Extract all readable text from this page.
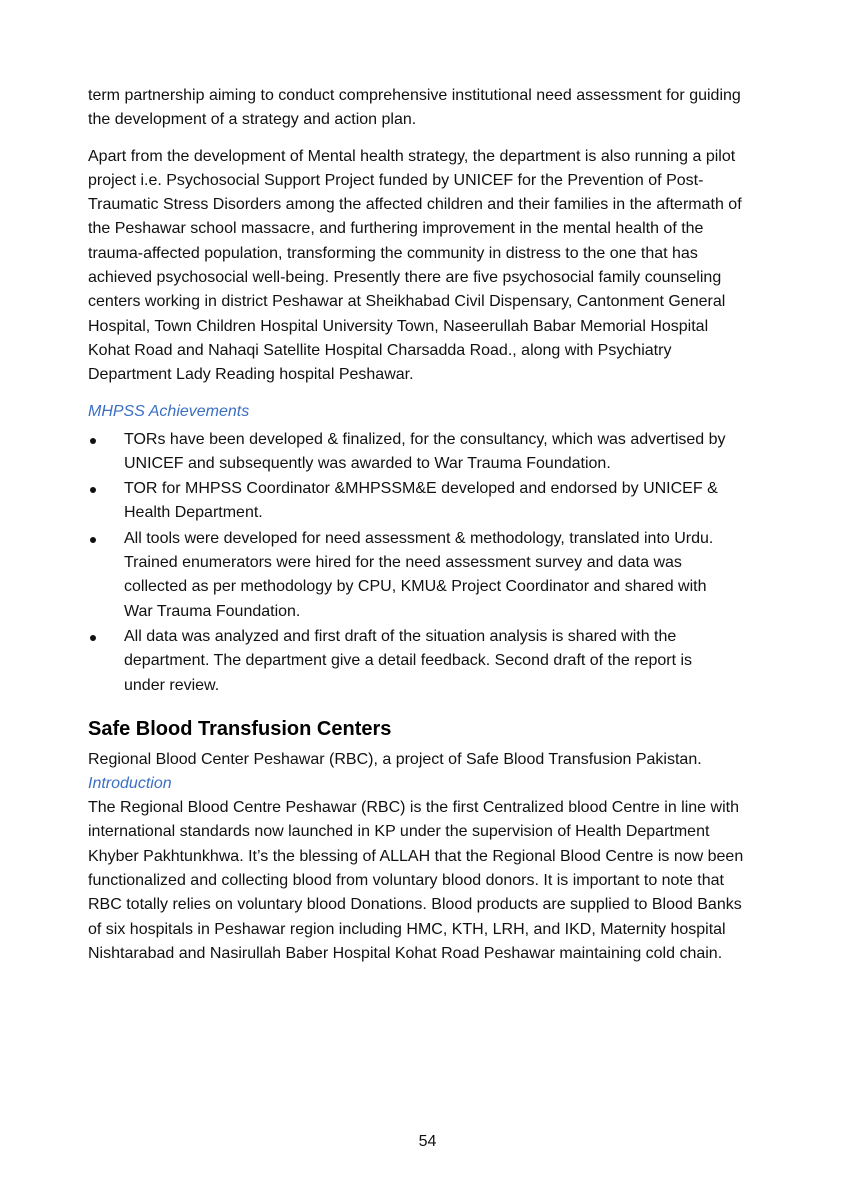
term partnership aiming to conduct comprehensive institutional need assessment for guiding
the development of a strategy and action plan.
Apart from the development of Mental health strategy, the department is also running a pilot
project i.e. Psychosocial Support Project funded by UNICEF for the Prevention of Post-
Traumatic Stress Disorders among the affected children and their families in the aftermath of
the Peshawar school massacre, and furthering improvement in the mental health of the
trauma-affected population, transforming the community in distress to the one that has
achieved psychosocial well-being. Presently there are five psychosocial family counseling
centers working in district Peshawar at Sheikhabad Civil Dispensary, Cantonment General
Hospital, Town Children Hospital University Town, Naseerullah Babar Memorial Hospital
Kohat Road and Nahaqi Satellite Hospital Charsadda Road., along with Psychiatry
Department Lady Reading hospital Peshawar.
MHPSS Achievements
TORs have been developed & finalized, for the consultancy, which was advertised by
UNICEF and subsequently was awarded to War Trauma Foundation.
TOR for MHPSS Coordinator &MHPSSM&E developed and endorsed by UNICEF &
Health Department.
All tools were developed for need assessment & methodology, translated into Urdu.
Trained enumerators were hired for the need assessment survey and data was
collected as per methodology by CPU, KMU& Project Coordinator and shared with
War Trauma Foundation.
All data was analyzed and first draft of the situation analysis is shared with the
department. The department give a detail feedback. Second draft of the report is
under review.
Safe Blood Transfusion Centers
Regional Blood Center Peshawar (RBC), a project of Safe Blood Transfusion Pakistan.
Introduction
The Regional Blood Centre Peshawar (RBC) is the first Centralized blood Centre in line with
international standards now launched in KP under the supervision of Health Department
Khyber Pakhtunkhwa. It’s the blessing of ALLAH that the Regional Blood Centre is now been
functionalized and collecting blood from voluntary blood donors. It is important to note that
RBC totally relies on voluntary blood Donations. Blood products are supplied to Blood Banks
of six hospitals in Peshawar region including HMC, KTH, LRH, and IKD, Maternity hospital
Nishtarabad and Nasirullah Baber Hospital Kohat Road Peshawar maintaining cold chain.
54
